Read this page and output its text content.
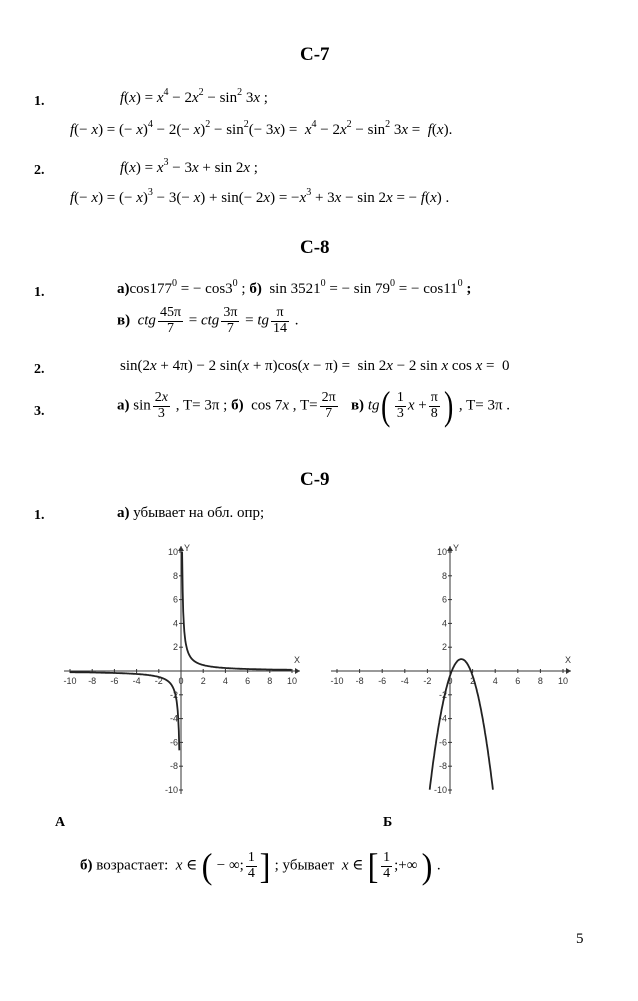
С-7
1.	$f(x) = x^4 - 2x^2 - \sin^2 3x$ ;
f(− x) = (− $x)^4 - 2(- x)^2 - \sin^2(- 3x) = x^4 - 2x^2 - \sin^2 3x = f(x)$.
2.	$f(x) = x^3 - 3x + \sin 2x$ ;
f(− x) = (− $x)^3 - 3(- x) + \sin(- 2x) = -x^3 + 3x - \sin 2x$ = − f(x) .
С-8
1.	$а)\cos 177^0$ = − $\cos 3^0$ ; б)  $\sin 3521^0$ = − $\sin 79^0$ = − $\cos 11^0$ ;
в) ctg $\frac{45\pi}{7}$ = ctg $\frac{3\pi}{7}$ = tg $\frac{\pi}{14}$ .
2.	sin(2x + 4π) − 2 sin(x + π)cos(x − π) =  sin 2x − 2 sin x cos x =  0
3.	а) $\sin \frac{2x}{3}$ , T= 3π ; б)  cos 7x , $T= \frac{2\pi}{7} в$) $tg( \frac{1}{3}$ $x + \frac{\pi}{8}$ ) , T= 3π .
С-9
1.	а) убывает на обл. опр;
X
Y
-10 -8 -6 -4 -2 0 2 4 6 8 10
-10
-8
-6
-4
-2
2
4
6
8
10
X
Y
-10 -8 -6 -4 -2 0 2 4 6 8 10
-10
-8
-6
-4
-2
2
4
6
8
10
А	Б
б) возрастает: x ∈ ( − ∞; $\frac{1}{4}$ ] ; убывает x ∈ [ $\frac{1}{4}$ ;+∞ ) .
5
